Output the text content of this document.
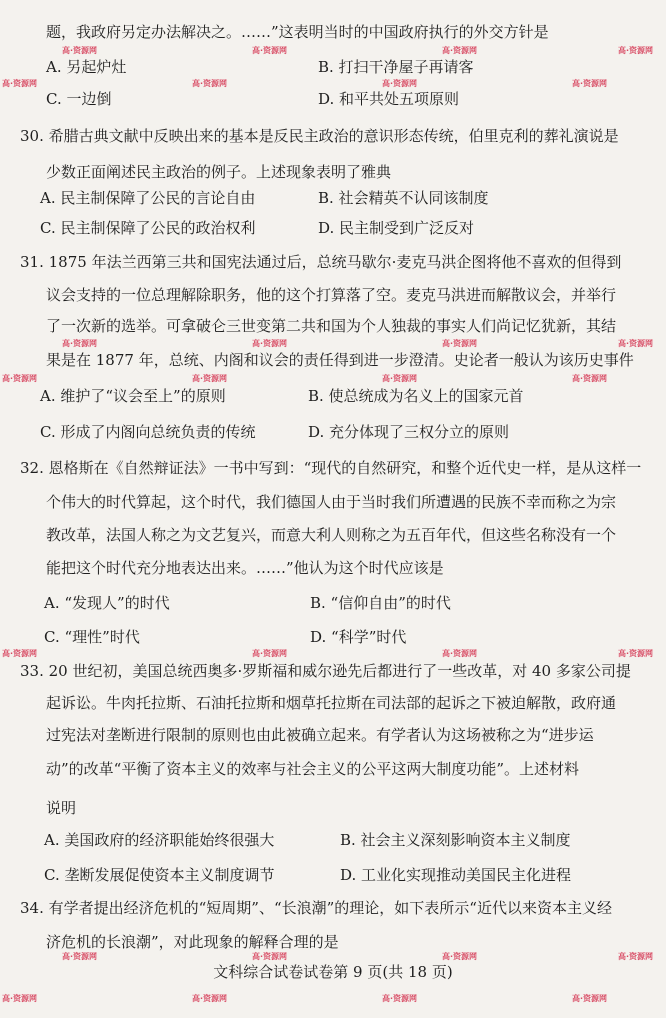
题，我政府另定办法解决之。……”这表明当时的中国政府执行的外交方针是
A. 另起炉灶	B. 打扫干净屋子再请客
C. 一边倒	D. 和平共处五项原则
30. 希腊古典文献中反映出来的基本是反民主政治的意识形态传统，伯里克利的葬礼演说是
少数正面阐述民主政治的例子。上述现象表明了雅典
A. 民主制保障了公民的言论自由	B. 社会精英不认同该制度
C. 民主制保障了公民的政治权利	D. 民主制受到广泛反对
31. 1875 年法兰西第三共和国宪法通过后，总统马歇尔·麦克马洪企图将他不喜欢的但得到
议会支持的一位总理解除职务，他的这个打算落了空。麦克马洪进而解散议会，并举行
了一次新的选举。可拿破仑三世变第二共和国为个人独裁的事实人们尚记忆犹新，其结
果是在 1877 年，总统、内阁和议会的责任得到进一步澄清。史论者一般认为该历史事件
A. 维护了“议会至上”的原则	B. 使总统成为名义上的国家元首
C. 形成了内阁向总统负责的传统	D. 充分体现了三权分立的原则
32. 恩格斯在《自然辩证法》一书中写到：“现代的自然研究，和整个近代史一样，是从这样一
个伟大的时代算起，这个时代，我们德国人由于当时我们所遭遇的民族不幸而称之为宗
教改革，法国人称之为文艺复兴，而意大利人则称之为五百年代，但这些名称没有一个
能把这个时代充分地表达出来。……”他认为这个时代应该是
A. “发现人”的时代	B. “信仰自由”的时代
C. “理性”时代	D. “科学”时代
33. 20 世纪初，美国总统西奥多·罗斯福和威尔逊先后都进行了一些改革，对 40 多家公司提
起诉讼。牛肉托拉斯、石油托拉斯和烟草托拉斯在司法部的起诉之下被迫解散，政府通
过宪法对垄断进行限制的原则也由此被确立起来。有学者认为这场被称之为“进步运
动”的改革“平衡了资本主义的效率与社会主义的公平这两大制度功能”。上述材料
说明
A. 美国政府的经济职能始终很强大	B. 社会主义深刻影响资本主义制度
C. 垄断发展促使资本主义制度调节	D. 工业化实现推动美国民主化进程
34. 有学者提出经济危机的“短周期”、“长浪潮”的理论，如下表所示“近代以来资本主义经
济危机的长浪潮”，对此现象的解释合理的是
文科综合试卷试卷第 9 页(共 18 页)
高·资源网	高·资源网	高·资源网	高·资源网
高·资源网	高·资源网	高·资源网	高·资源网
高·资源网	高·资源网	高·资源网	高·资源网
高·资源网	高·资源网	高·资源网	高·资源网
高·资源网	高·资源网	高·资源网
高·资源网
高·资源网	高·资源网	高·资源网	高·资源网
高·资源网	高·资源网	高·资源网	高·资源网
